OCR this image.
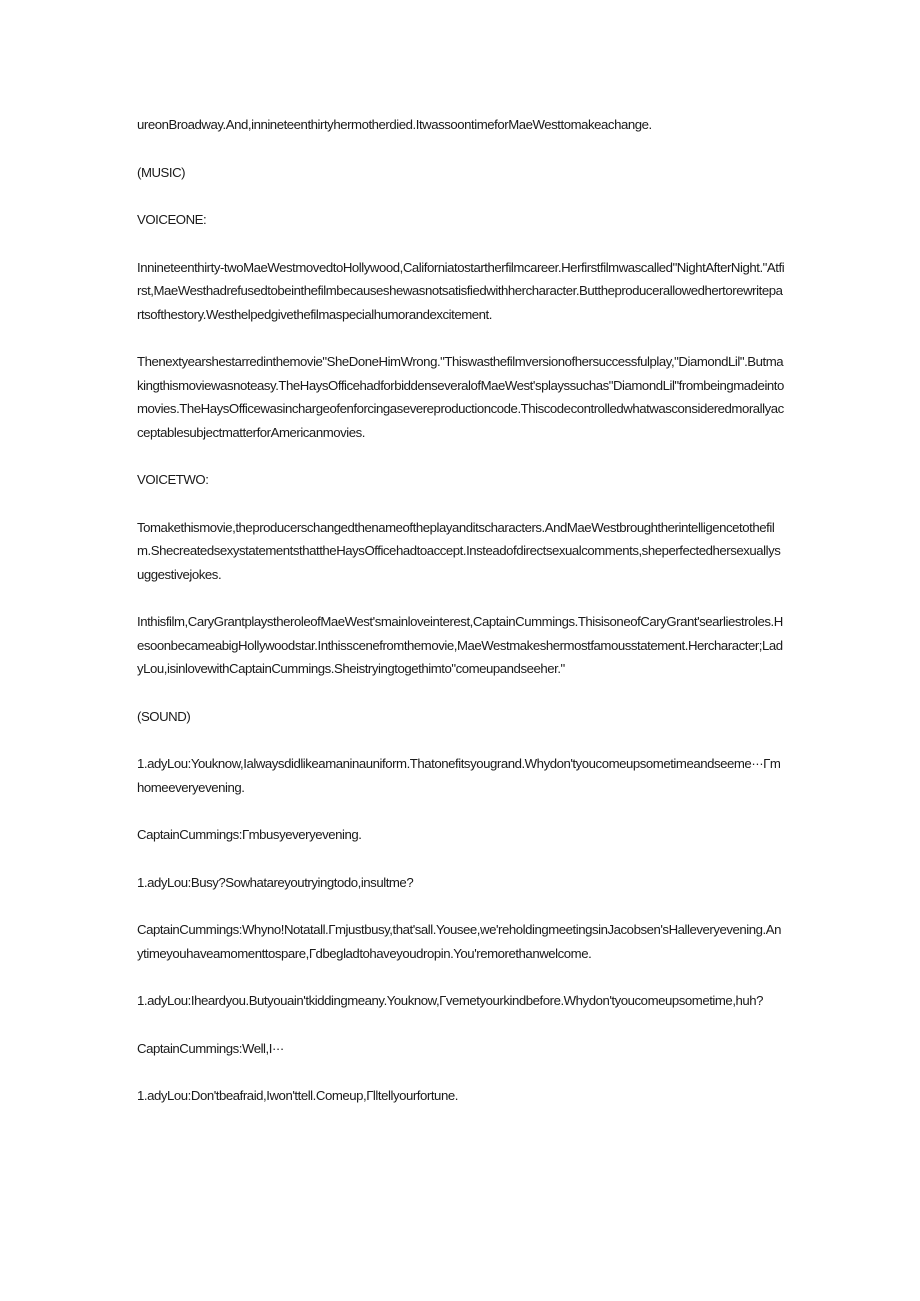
ureonBroadway.And,innineteenthirtyhermotherdied.ItwassoontimeforMaeWesttomakeachange.

(MUSIC)

VOICEONE:

Innineteenthirty-twoMaeWestmovedtoHollywood,Californiatostartherfilmcareer.Herfirstfilmwascalled"NightAfterNight."Atfirst,MaeWesthadrefusedtobeinthefilmbecauseshewasnotsatisfiedwithhercharacter.Buttheproducerallowedhertorewritepartsofthestory.Westhelpedgivethefilmaspecialhumorandexcitement.

Thenextyearshestarredinthemovie"SheDoneHimWrong."Thiswasthefilmversionofhersuccessfulplay,"DiamondLil".Butmakingthismoviewasnoteasy.TheHaysOfficehadforbiddenseveralofMaeWest'splayssuchas"DiamondLil"frombeingmadeintomovies.TheHaysOfficewasinchargeofenforcingasevereproductioncode.ThiscodecontrolledwhatwasconsideredmorallyacceptablesubjectmatterforAmericanmovies.

VOICETWO:

Tomakethismovie,theproducerschangedthenameoftheplayanditscharacters.AndMaeWestbroughtherintelligencetothefilm.ShecreatedsexystatementsthattheHaysOfficehadtoaccept.Insteadofdirectsexualcomments,sheperfectedhersexuallysuggestivejokes.

Inthisfilm,CaryGrantplaystheroleofMaeWest'smainloveinterest,CaptainCummings.ThisisoneofCaryGrant'searliestroles.HesoonbecameabigHollywoodstar.Inthisscenefromthemovie,MaeWestmakeshermostfamousstatement.Hercharacter;LadyLou,isinlovewithCaptainCummings.Sheistryingtogethimto"comeupandseeher."

(SOUND)

1.adyLou:Youknow,Ialwaysdidlikeamaninauniform.Thatonefitsyougrand.Whydon'tyoucomeupsometimeandseeme···Гmhomeeveryevening.

CaptainCummings:Гmbusyeveryevening.

1.adyLou:Busy?Sowhatareyoutryingtodo,insultme?

CaptainCummings:Whyno!Notatall.Гmjustbusy,that'sall.Yousee,we'reholdingmeetingsinJacobsen'sHalleveryevening.Anytimeyouhaveamomenttospare,Гdbegladtohaveyoudropin.You'remorethanwelcome.

1.adyLou:Iheardyou.Butyouain'tkiddingmeany.Youknow,Гvemetyourkindbefore.Whydon'tyoucomeupsometime,huh?

CaptainCummings:Well,I···

1.adyLou:Don'tbeafraid,Iwon'ttell.Comeup,Гlltellyourfortune.
